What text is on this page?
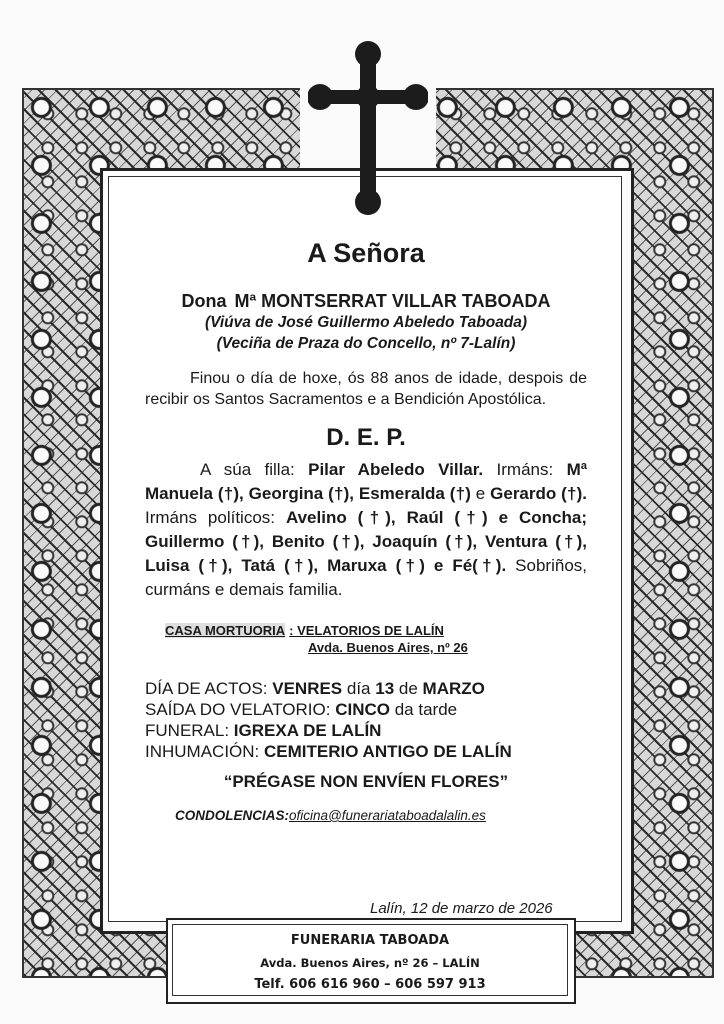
A Señora
Dona Mª MONTSERRAT VILLAR TABOADA
(Viúva de José Guillermo Abeledo Taboada)
(Veciña de Praza do Concello, nº 7-Lalín)
Finou o día de hoxe, ós 88 anos de idade, despois de recibir os Santos Sacramentos e a Bendición Apostólica.
D. E. P.
A súa filla: Pilar Abeledo Villar. Irmáns: Mª Manuela (†), Georgina (†), Esmeralda (†) e Gerardo (†). Irmáns políticos: Avelino (†), Raúl (†) e Concha; Guillermo (†), Benito (†), Joaquín (†), Ventura (†), Luisa (†), Tatá (†), Maruxa (†) e Fé(†). Sobriños, curmáns e demais familia.
CASA MORTUORIA : VELATORIOS DE LALÍN
Avda. Buenos Aires, nº 26
DÍA DE ACTOS: VENRES día 13 de MARZO
SAÍDA DO VELATORIO: CINCO da tarde
FUNERAL: IGREXA DE LALÍN
INHUMACIÓN: CEMITERIO ANTIGO DE LALÍN
“PRÉGASE NON ENVÍEN FLORES”
CONDOLENCIAS:oficina@funerariataboadalalin.es
Lalín, 12 de marzo de 2026
FUNERARIA TABOADA
Avda. Buenos Aires, nº 26 – LALÍN
Telf. 606 616 960 – 606 597 913
